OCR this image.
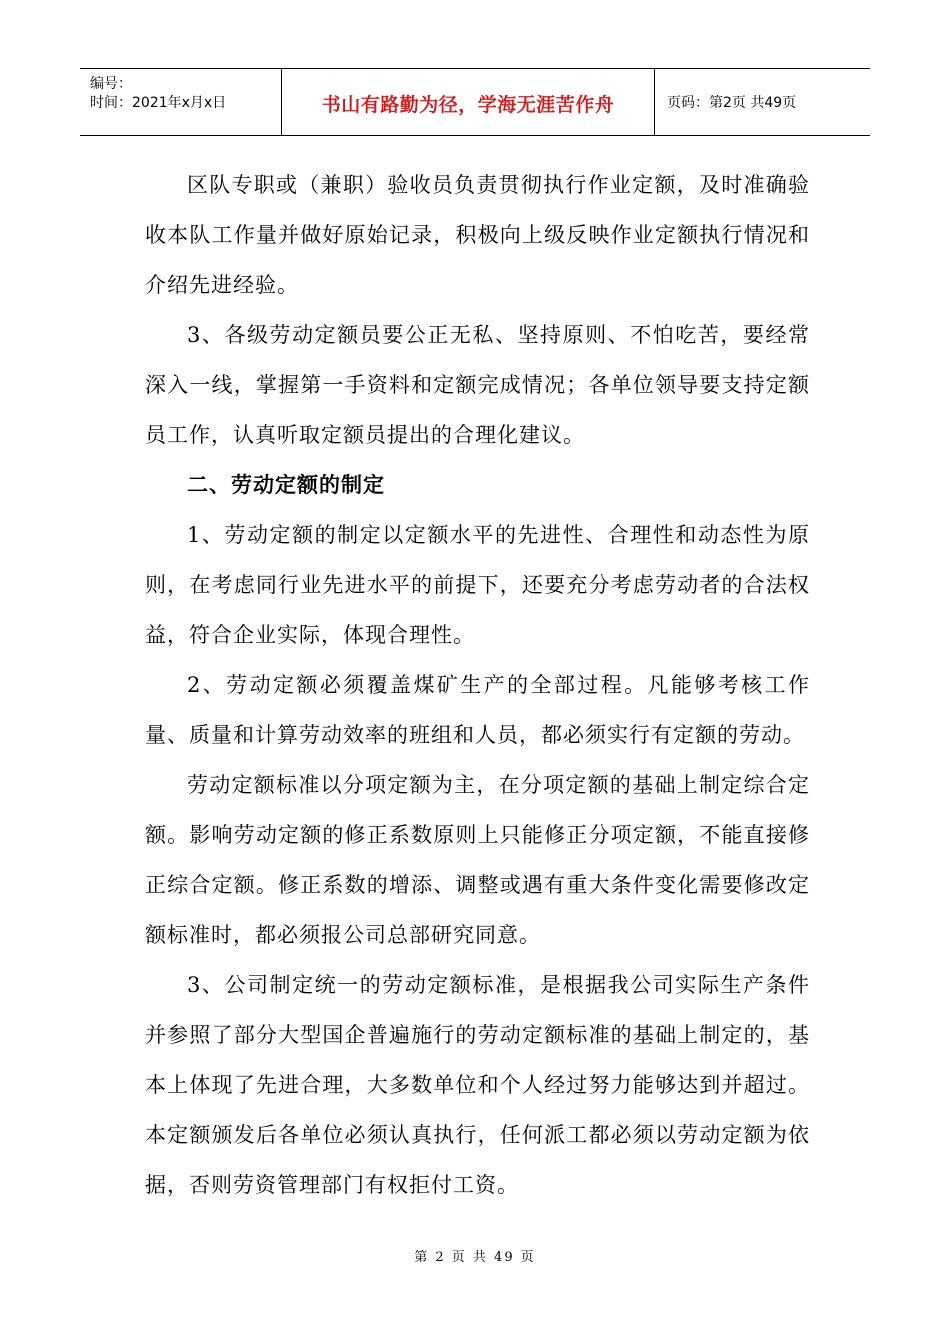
编号：
时间：2021年x月x日	书山有路勤为径，学海无涯苦作舟	页码：第2页 共49页

区队专职或（兼职）验收员负责贯彻执行作业定额，及时准确验收本队工作量并做好原始记录，积极向上级反映作业定额执行情况和介绍先进经验。

3、各级劳动定额员要公正无私、坚持原则、不怕吃苦，要经常深入一线，掌握第一手资料和定额完成情况；各单位领导要支持定额员工作，认真听取定额员提出的合理化建议。

二、劳动定额的制定

1、劳动定额的制定以定额水平的先进性、合理性和动态性为原则，在考虑同行业先进水平的前提下，还要充分考虑劳动者的合法权益，符合企业实际，体现合理性。

2、劳动定额必须覆盖煤矿生产的全部过程。凡能够考核工作量、质量和计算劳动效率的班组和人员，都必须实行有定额的劳动。

劳动定额标准以分项定额为主，在分项定额的基础上制定综合定额。影响劳动定额的修正系数原则上只能修正分项定额，不能直接修正综合定额。修正系数的增添、调整或遇有重大条件变化需要修改定额标准时，都必须报公司总部研究同意。

3、公司制定统一的劳动定额标准，是根据我公司实际生产条件并参照了部分大型国企普遍施行的劳动定额标准的基础上制定的，基本上体现了先进合理，大多数单位和个人经过努力能够达到并超过。本定额颁发后各单位必须认真执行，任何派工都必须以劳动定额为依据，否则劳资管理部门有权拒付工资。

第 2 页 共 49 页
